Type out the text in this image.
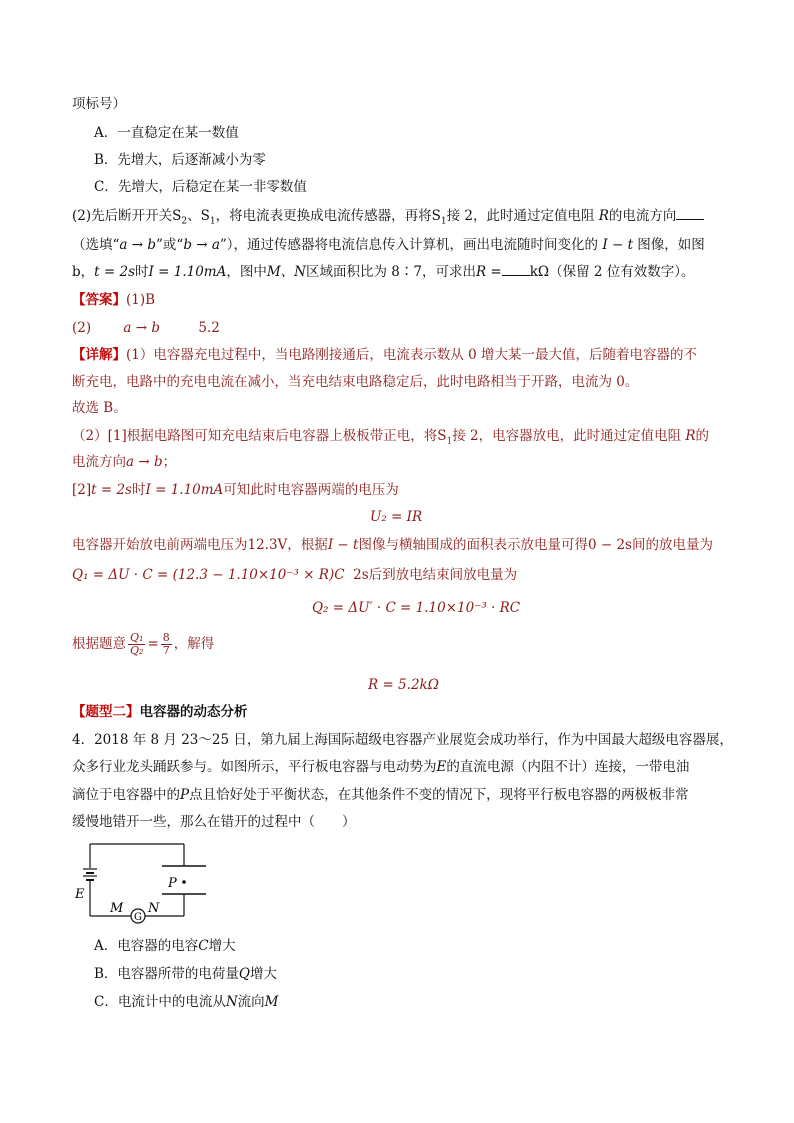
项标号）
A．一直稳定在某一数值
B．先增大，后逐渐减小为零
C．先增大，后稳定在某一非零数值
(2)先后断开开关$S_2$、$S_1$，将电流表更换成电流传感器，再将$S_1$接 2，此时通过定值电阻 R的电流方向
（选填“a → b”或“b → a”），通过传感器将电流信息传入计算机，画出电流随时间变化的 I − t 图像，如图
b，t = 2s时I = 1.10mA，图中M、N区域面积比为 8∶7，可求出R = kΩ（保留 2 位有效数字）。
【答案】(1)B
(2) a → b	5.2
【详解】(1）电容器充电过程中，当电路刚接通后，电流表示数从 0 增大某一最大值，后随着电容器的不
断充电，电路中的充电电流在减小，当充电结束电路稳定后，此时电路相当于开路，电流为 0。
故选 B。
（2）[1]根据电路图可知充电结束后电容器上极板带正电，将$S_1$接 2，电容器放电，此时通过定值电阻 R的
电流方向a → b；
[2]t = 2s时I = 1.10mA可知此时电容器两端的电压为
U₂ = IR
电容器开始放电前两端电压为12.3V，根据I − t图像与横轴围成的面积表示放电量可得0 − 2s间的放电量为
Q₁ = ΔU · C = (12.3 − 1.10×10⁻³ × R)C 2s后到放电结束间放电量为
Q₂ = ΔU′ · C = 1.10×10⁻³ · RC
根据题意 $\frac{\text{Q₁}}{\text{Q₂}} = \frac{8}{7}$ ，解得
R = 5.2kΩ
【题型二】电容器的动态分析
4．2018 年 8 月 23～25 日，第九届上海国际超级电容器产业展览会成功举行，作为中国最大超级电容器展，
众多行业龙头踊跃参与。如图所示，平行板电容器与电动势为E的直流电源（内阻不计）连接，一带电油
滴位于电容器中的P点且恰好处于平衡状态，在其他条件不变的情况下，现将平行板电容器的两极板非常
缓慢地错开一些，那么在错开的过程中（　　）
E
M N
G
P
A．电容器的电容C增大
B．电容器所带的电荷量Q增大
C．电流计中的电流从N流向M
